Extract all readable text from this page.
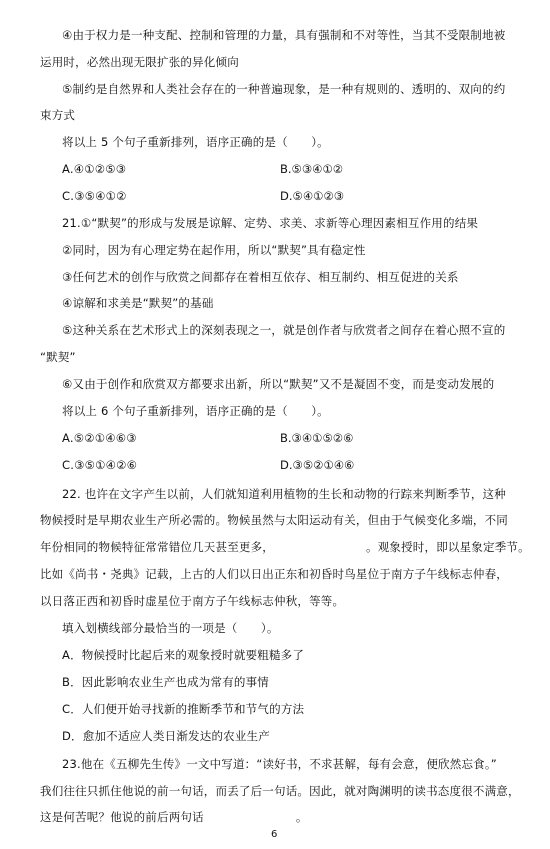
④由于权力是一种支配、控制和管理的力量，具有强制和不对等性，当其不受限制地被
运用时，必然出现无限扩张的异化倾向
⑤制约是自然界和人类社会存在的一种普遍现象，是一种有规则的、透明的、双向的约
束方式
将以上 5 个句子重新排列，语序正确的是（　　）。
A.④①②⑤③	B.⑤③④①②
C.③⑤④①②	D.⑤④①②③
21.①“默契”的形成与发展是谅解、定势、求美、求新等心理因素相互作用的结果
②同时，因为有心理定势在起作用，所以“默契”具有稳定性
③任何艺术的创作与欣赏之间都存在着相互依存、相互制约、相互促进的关系
④谅解和求美是“默契”的基础
⑤这种关系在艺术形式上的深刻表现之一，就是创作者与欣赏者之间存在着心照不宣的
“默契”
⑥又由于创作和欣赏双方都要求出新，所以“默契”又不是凝固不变，而是变动发展的
将以上 6 个句子重新排列，语序正确的是（　　）。
A.⑤②①④⑥③	B.③④①⑤②⑥
C.③⑤①④②⑥	D.③⑤②①④⑥
22. 也许在文字产生以前，人们就知道利用植物的生长和动物的行踪来判断季节，这种
物候授时是早期农业生产所必需的。物候虽然与太阳运动有关，但由于气候变化多端，不同
年份相同的物候特征常常错位几天甚至更多，	。观象授时，即以星象定季节。
比如《尚书・尧典》记载，上古的人们以日出正东和初昏时鸟星位于南方子午线标志仲春，
以日落正西和初昏时虚星位于南方子午线标志仲秋，等等。
填入划横线部分最恰当的一项是（　　）。
A．物候授时比起后来的观象授时就要粗糙多了
B．因此影响农业生产也成为常有的事情
C．人们便开始寻找新的推断季节和节气的方法
D．愈加不适应人类日渐发达的农业生产
23.他在《五柳先生传》一文中写道：“读好书，不求甚解，每有会意，便欣然忘食。”
我们往往只抓住他说的前一句话，而丢了后一句话。因此，就对陶渊明的读书态度很不满意，
这是何苦呢？他说的前后两句话	。
6
